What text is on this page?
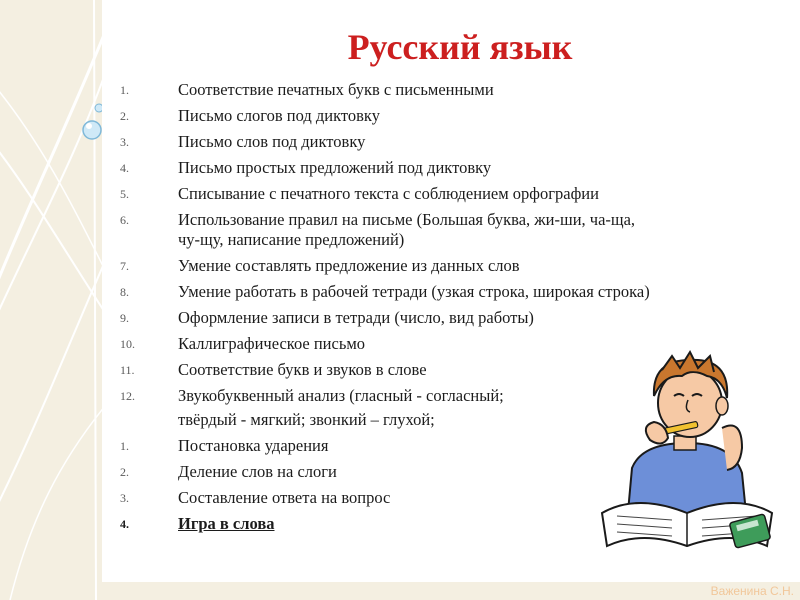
Русский язык
1.	Соответствие печатных букв с письменными
2.	Письмо слогов под диктовку
3.	Письмо слов под диктовку
4.	Письмо простых предложений под диктовку
5.	Списывание с печатного текста с соблюдением орфографии
6.	Использование правил на письме (Большая буква, жи-ши, ча-ща,
чу-щу, написание предложений)
7.	Умение составлять предложение из данных слов
8.	Умение работать в рабочей тетради (узкая строка, широкая строка)
9.	Оформление записи в тетради (число, вид работы)
10.	Каллиграфическое письмо
11.	Соответствие букв и звуков в слове
12.	Звукобуквенный анализ (гласный - согласный;
твёрдый - мягкий; звонкий – глухой;
1.	Постановка ударения
2.	Деление слов на слоги
3.	Составление ответа на вопрос
4.	Игра в слова
Важенина С.Н.
